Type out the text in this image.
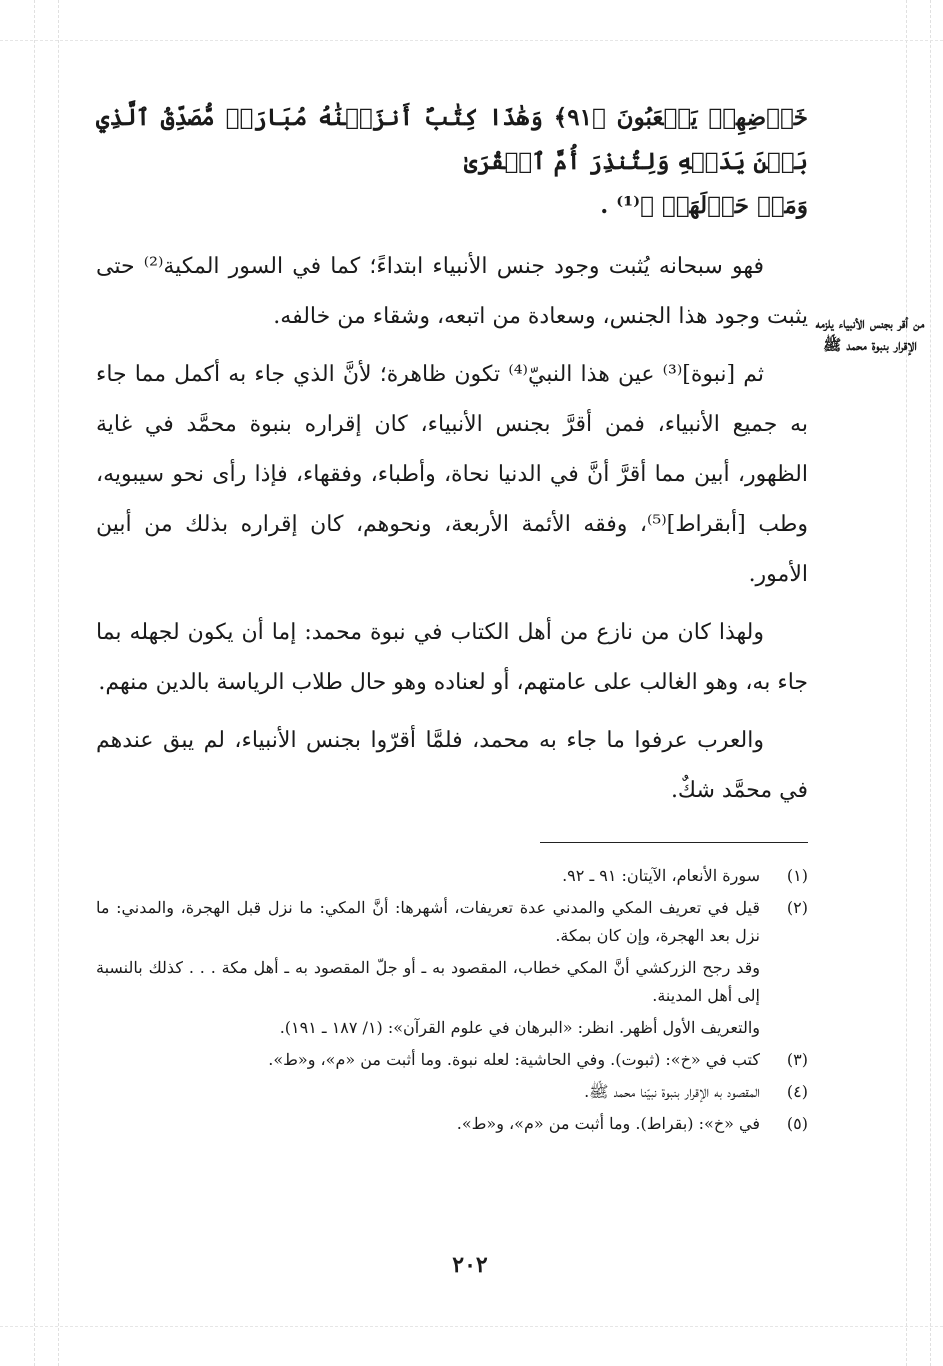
خَوۡضِهِمۡ يَلۡعَبُونَ ﴿٩١﴾ وَهَٰذَا كِتَٰبٌ أَنزَلۡنَٰهُ مُبَارَكٞ مُّصَدِّقُ ٱلَّذِي بَيۡنَ يَدَيۡهِ وَلِتُنذِرَ أُمَّ ٱلۡقُرَىٰ

وَمَنۡ حَوۡلَهَاۚ ﴾⁽¹⁾ .

فهو سبحانه يُثبت وجود جنس الأنبياء ابتداءً؛ كما في السور المكية⁽²⁾ حتى يثبت وجود هذا الجنس، وسعادة من اتبعه، وشقاء من خالفه.

ثم [نبوة]⁽³⁾ عين هذا النبيّ⁽⁴⁾ تكون ظاهرة؛ لأنَّ الذي جاء به أكمل مما جاء به جميع الأنبياء، فمن أقرَّ بجنس الأنبياء، كان إقراره بنبوة محمَّد في غاية الظهور، أبين مما أقرَّ أنَّ في الدنيا نحاة، وأطباء، وفقهاء، فإذا رأى نحو سيبويه، وطب [أبقراط]⁽⁵⁾، وفقه الأئمة الأربعة، ونحوهم، كان إقراره بذلك من أبين الأمور.

ولهذا كان من نازع من أهل الكتاب في نبوة محمد: إما أن يكون لجهله بما جاء به، وهو الغالب على عامتهم، أو لعناده وهو حال طلاب الرياسة بالدين منهم.

والعرب عرفوا ما جاء به محمد، فلمَّا أقرّوا بجنس الأنبياء، لم يبق عندهم في محمَّد شكٌ.

من أقر بجنس الأنبياء يلزمه الإقرار بنبوة محمد ﷺ
(١)
سورة الأنعام، الآيتان: ٩١ ـ ٩٢.
(٢)
قيل في تعريف المكي والمدني عدة تعريفات، أشهرها: أنَّ المكي: ما نزل قبل الهجرة، والمدني: ما نزل بعد الهجرة، وإن كان بمكة.
وقد رجح الزركشي أنَّ المكي خطاب، المقصود به ـ أو جلّ المقصود به ـ أهل مكة . . . كذلك بالنسبة إلى أهل المدينة.
والتعريف الأول أظهر. انظر: «البرهان في علوم القرآن»: (١/ ١٨٧ ـ ١٩١).
(٣)
كتب في «خ»: (ثبوت). وفي الحاشية: لعله نبوة. وما أثبت من «م»، و«ط».
(٤)
المقصود به الإقرار بنبوة نبيّنا محمد ﷺ.
(٥)
في «خ»: (بقراط). وما أثبت من «م»، و«ط».
٢٠٢
